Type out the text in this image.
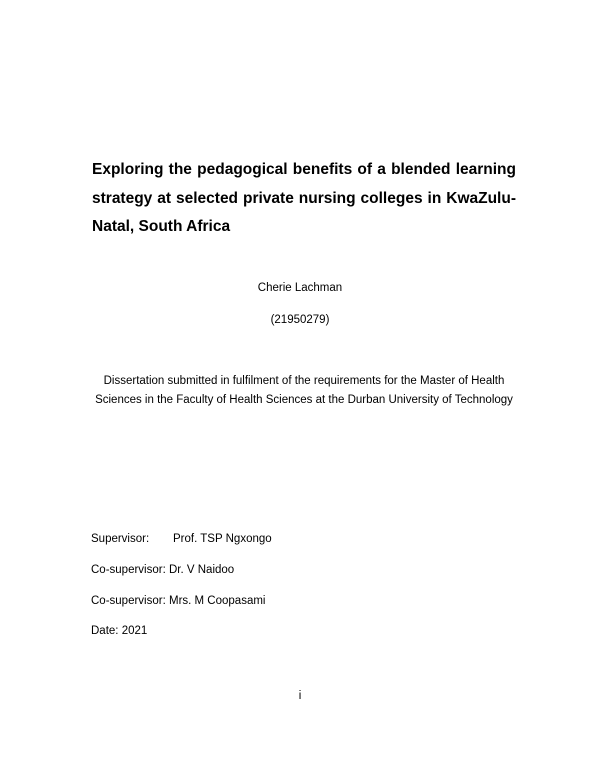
Exploring the pedagogical benefits of a blended learning strategy at selected private nursing colleges in KwaZulu-Natal, South Africa

Cherie Lachman

(21950279)

Dissertation submitted in fulfilment of the requirements for the Master of Health Sciences in the Faculty of Health Sciences at the Durban University of Technology

Supervisor: Prof. TSP Ngxongo

Co-supervisor: Dr. V Naidoo

Co-supervisor: Mrs. M Coopasami

Date: 2021

i
